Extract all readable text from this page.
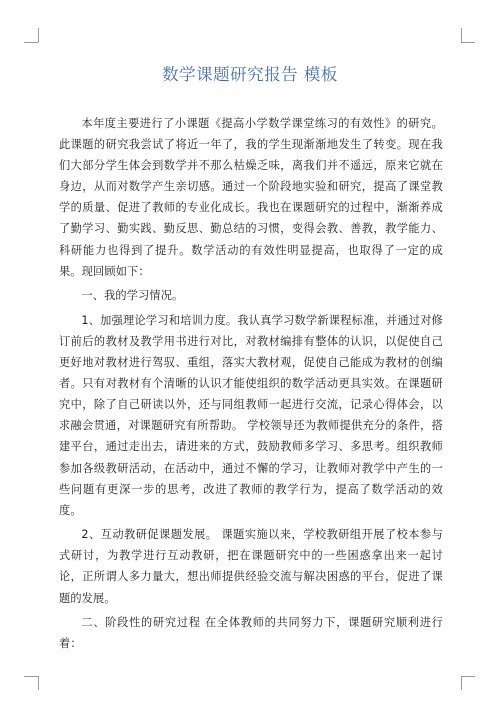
数学课题研究报告 模板

本年度主要进行了小课题《提高小学数学课堂练习的有效性》的研究。此课题的研究我尝试了将近一年了，我的学生现渐渐地发生了转变。现在我们大部分学生体会到数学并不那么枯燥乏味，离我们并不遥远，原来它就在身边，从而对数学产生亲切感。通过一个阶段地实验和研究，提高了课堂教学的质量、促进了教师的专业化成长。我也在课题研究的过程中，渐渐养成了勤学习、勤实践、勤反思、勤总结的习惯，变得会教、善教，教学能力、科研能力也得到了提升。数学活动的有效性明显提高，也取得了一定的成果。现回顾如下：

一、我的学习情况。

1、加强理论学习和培训力度。我认真学习数学新课程标准，并通过对修订前后的教材及教学用书进行对比，对教材编排有整体的认识，以促使自己更好地对教材进行驾驭、重组，落实大教材观，促使自己能成为教材的创编者。只有对教材有个清晰的认识才能使组织的数学活动更具实效。在课题研究中，除了自己研读以外，还与同组教师一起进行交流，记录心得体会，以求融会贯通，对课题研究有所帮助。 学校领导还为教师提供充分的条件，搭建平台，通过走出去，请进来的方式，鼓励教师多学习、多思考。组织教师参加各级教研活动，在活动中，通过不懈的学习，让教师对教学中产生的一些问题有更深一步的思考，改进了教师的教学行为，提高了数学活动的效度。

2、互动教研促课题发展。 课题实施以来，学校教研组开展了校本参与式研讨，为教学进行互动教研，把在课题研究中的一些困惑拿出来一起讨论，正所谓人多力量大，想出师提供经验交流与解决困惑的平台，促进了课题的发展。

二、阶段性的研究过程 在全体教师的共同努力下，课题研究顺利进行着：
